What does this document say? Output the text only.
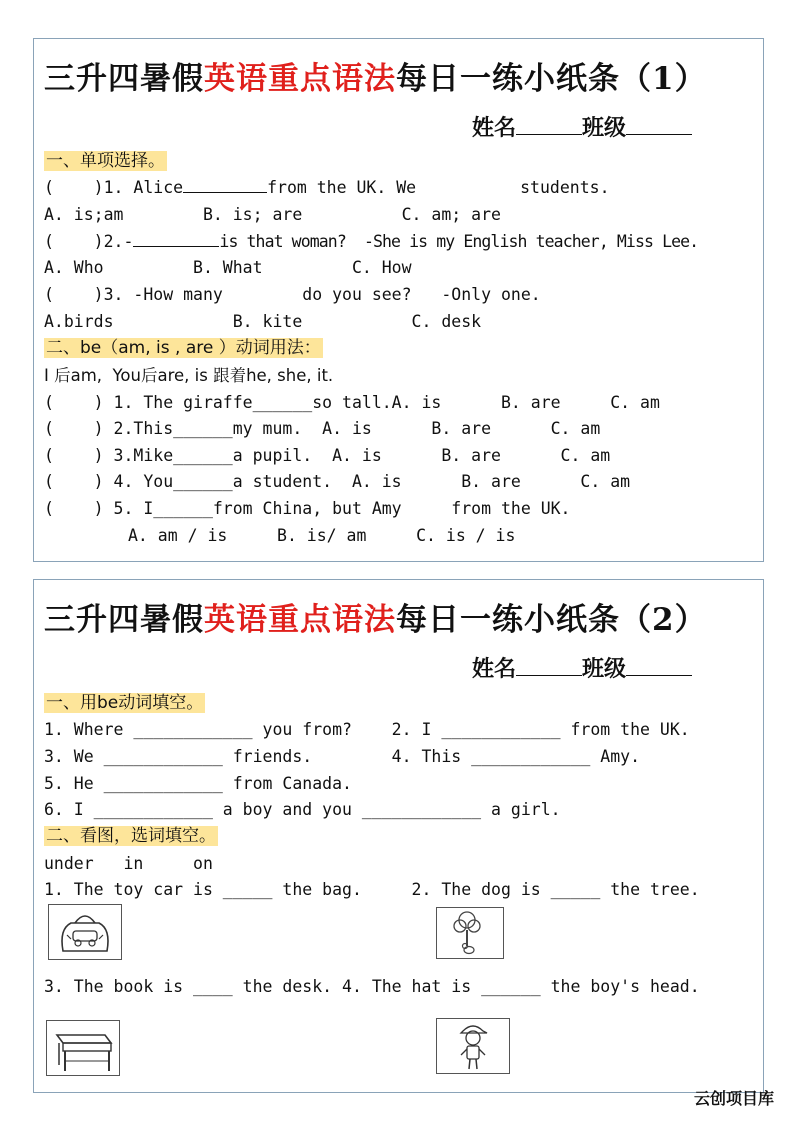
三升四暑假英语重点语法每日一练小纸条（1）
姓名	班级
一、单项选择。
(    )1. Alice	from the UK. We	students.
A. is;am        B. is; are          C. am; are
(    )2.-	is that woman?  -She is my English teacher, Miss Lee.
A. Who         B. What         C. How
(    )3. -How many        do you see?   -Only one.
A.birds            B. kite           C. desk
二、be（am, is , are ）动词用法：
I 后am,  You后are, is 跟着he, she, it.
(    ) 1. The giraffe______so tall.A. is      B. are     C. am
(    ) 2.This______my mum.  A. is      B. are      C. am
(    ) 3.Mike______a pupil.  A. is      B. are      C. am
(    ) 4. You______a student.  A. is      B. are      C. am
(    ) 5. I______from China, but Amy     from the UK.
A. am / is     B. is/ am     C. is / is
三升四暑假英语重点语法每日一练小纸条（2）
姓名	班级
一、用be动词填空。
1. Where ____________ you from?    2. I ____________ from the UK.
3. We ____________ friends.        4. This ____________ Amy.
5. He ____________ from Canada.
6. I ____________ a boy and you ____________ a girl.
二、看图，选词填空。
under   in     on
1. The toy car is _____ the bag.     2. The dog is _____ the tree.
3. The book is ____ the desk. 4. The hat is ______ the boy's head.
云创项目库
